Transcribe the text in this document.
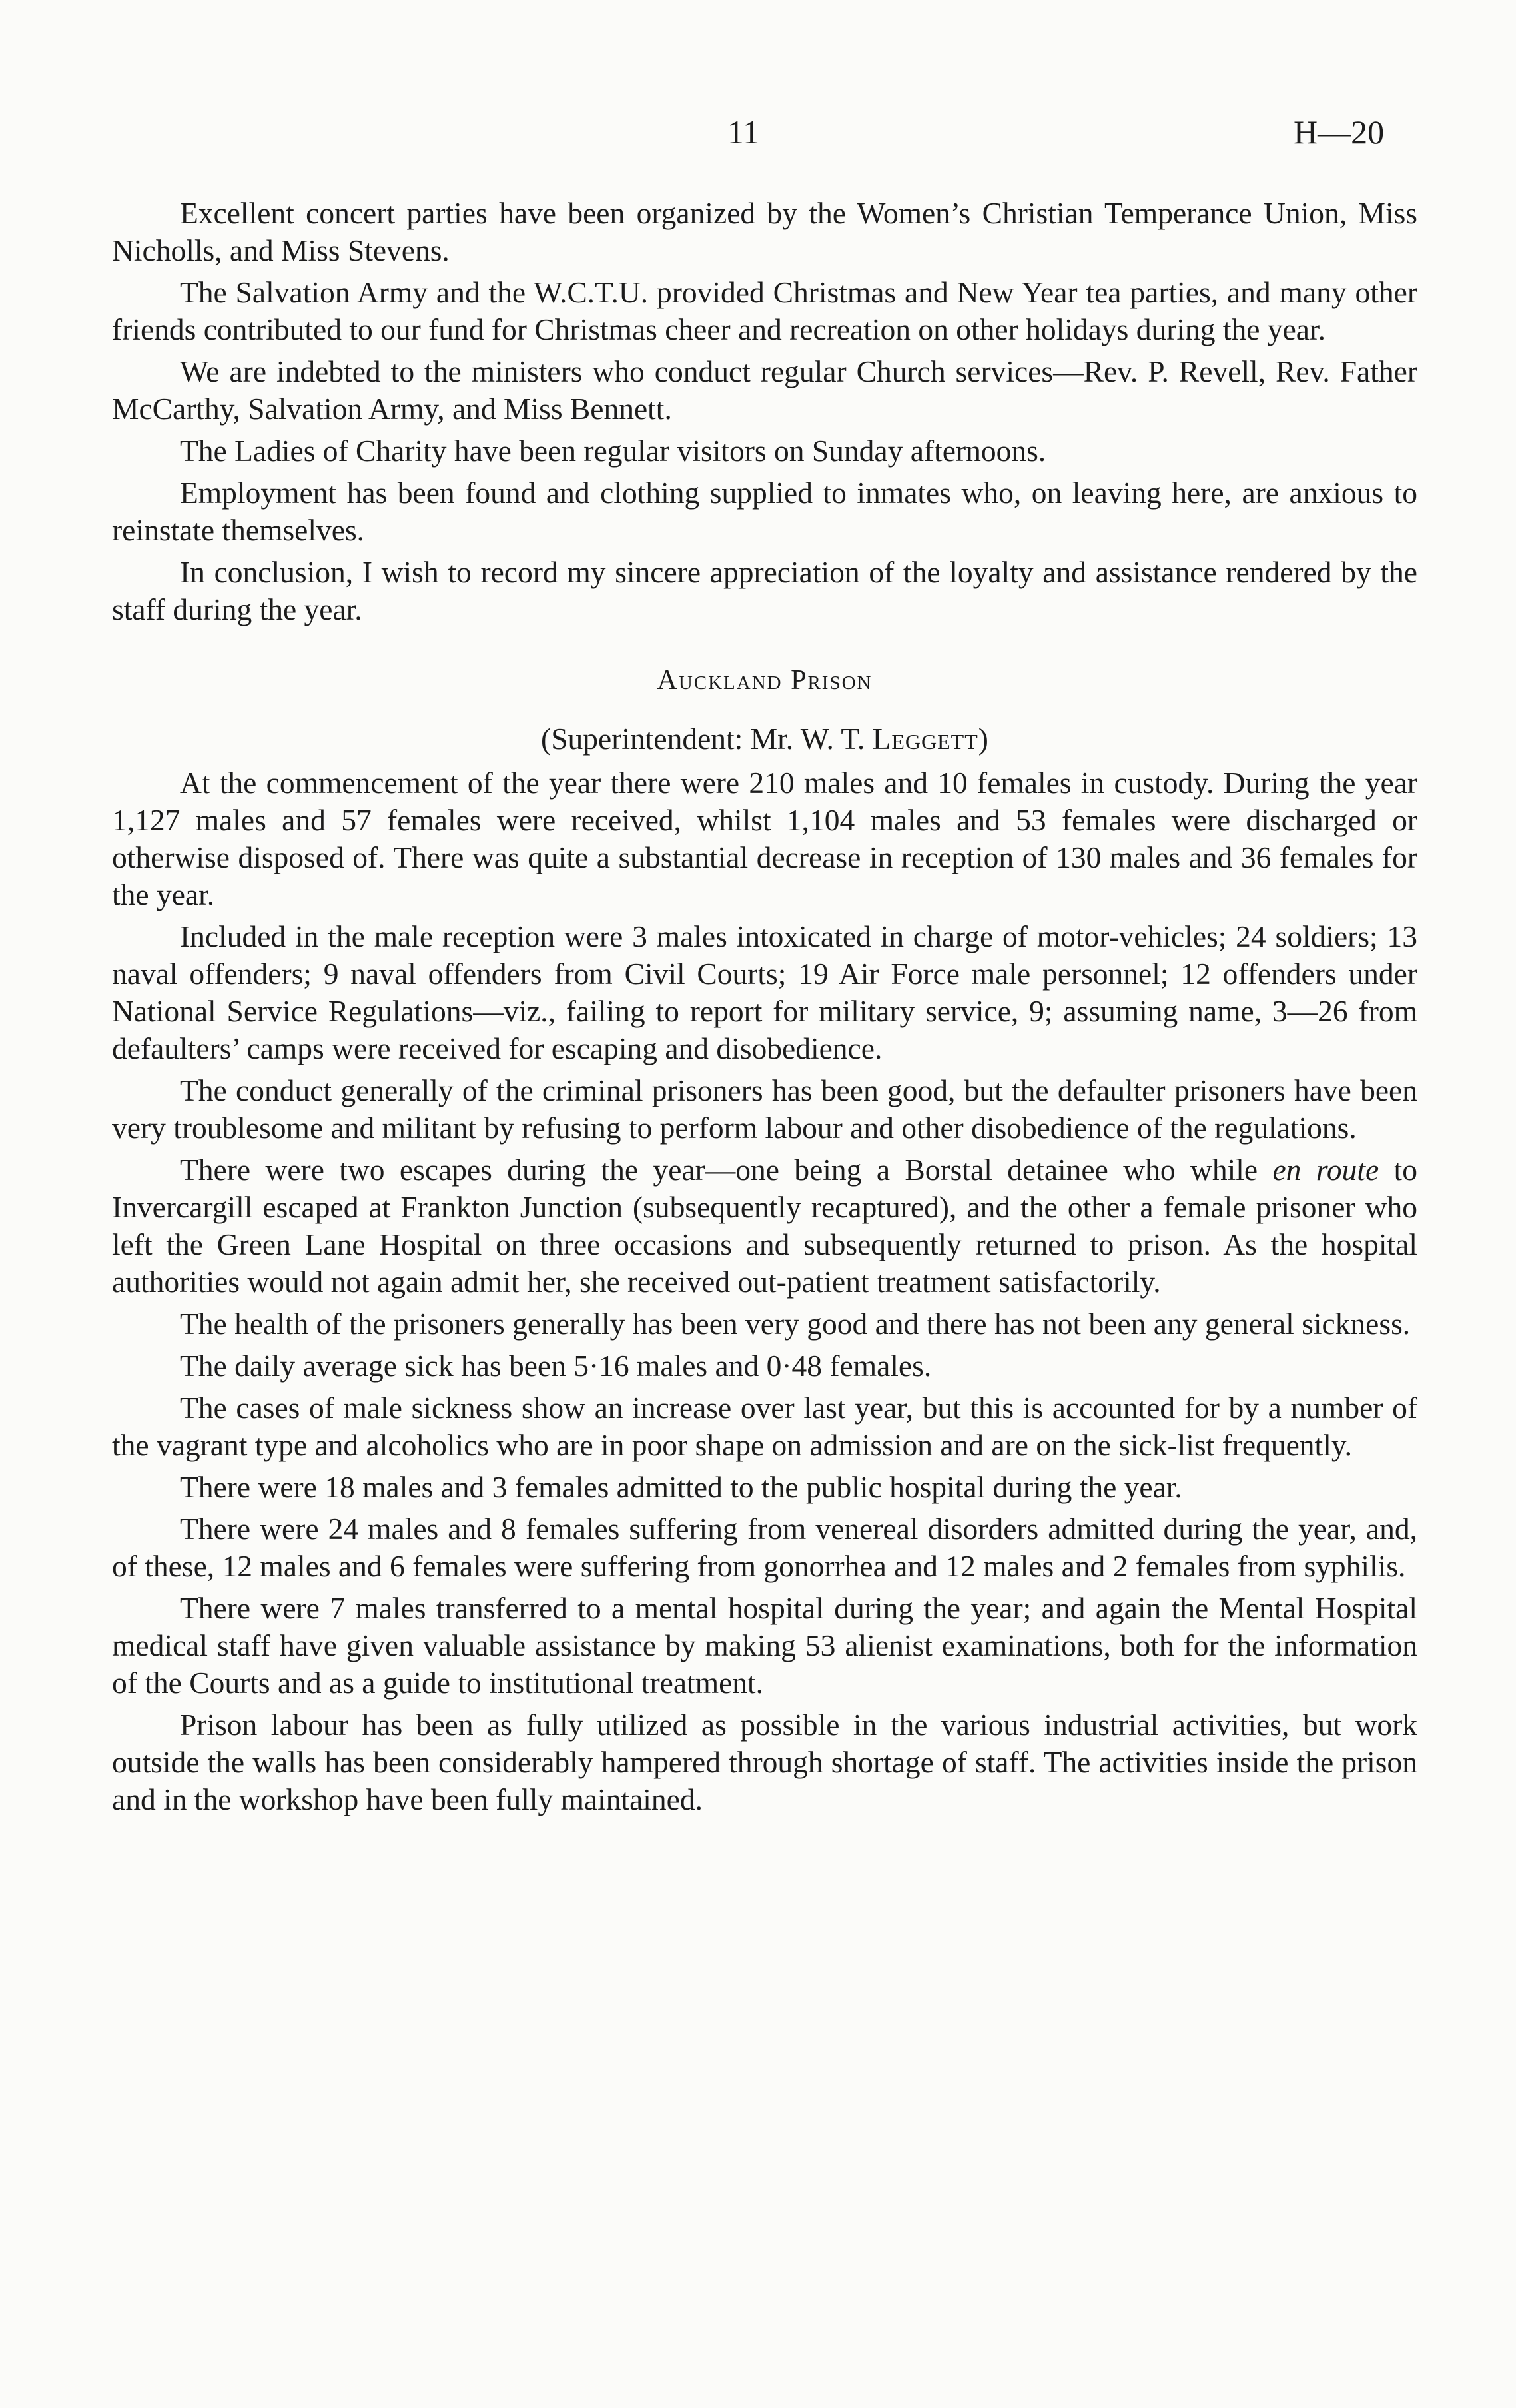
11	H—20

Excellent concert parties have been organized by the Women’s Christian Temperance Union, Miss Nicholls, and Miss Stevens.

The Salvation Army and the W.C.T.U. provided Christmas and New Year tea parties, and many other friends contributed to our fund for Christmas cheer and recreation on other holidays during the year.

We are indebted to the ministers who conduct regular Church services—Rev. P. Revell, Rev. Father McCarthy, Salvation Army, and Miss Bennett.

The Ladies of Charity have been regular visitors on Sunday afternoons.

Employment has been found and clothing supplied to inmates who, on leaving here, are anxious to reinstate themselves.

In conclusion, I wish to record my sincere appreciation of the loyalty and assistance rendered by the staff during the year.

Auckland Prison
(Superintendent: Mr. W. T. Leggett)

At the commencement of the year there were 210 males and 10 females in custody. During the year 1,127 males and 57 females were received, whilst 1,104 males and 53 females were discharged or otherwise disposed of. There was quite a substantial decrease in reception of 130 males and 36 females for the year.

Included in the male reception were 3 males intoxicated in charge of motor-vehicles; 24 soldiers; 13 naval offenders; 9 naval offenders from Civil Courts; 19 Air Force male personnel; 12 offenders under National Service Regulations—viz., failing to report for military service, 9; assuming name, 3—26 from defaulters’ camps were received for escaping and disobedience.

The conduct generally of the criminal prisoners has been good, but the defaulter prisoners have been very troublesome and militant by refusing to perform labour and other disobedience of the regulations.

There were two escapes during the year—one being a Borstal detainee who while en route to Invercargill escaped at Frankton Junction (subsequently recaptured), and the other a female prisoner who left the Green Lane Hospital on three occasions and subsequently returned to prison. As the hospital authorities would not again admit her, she received out-patient treatment satisfactorily.

The health of the prisoners generally has been very good and there has not been any general sickness.

The daily average sick has been 5·16 males and 0·48 females.

The cases of male sickness show an increase over last year, but this is accounted for by a number of the vagrant type and alcoholics who are in poor shape on admission and are on the sick-list frequently.

There were 18 males and 3 females admitted to the public hospital during the year.

There were 24 males and 8 females suffering from venereal disorders admitted during the year, and, of these, 12 males and 6 females were suffering from gonorrhea and 12 males and 2 females from syphilis.

There were 7 males transferred to a mental hospital during the year; and again the Mental Hospital medical staff have given valuable assistance by making 53 alienist examinations, both for the information of the Courts and as a guide to institutional treatment.

Prison labour has been as fully utilized as possible in the various industrial activities, but work outside the walls has been considerably hampered through shortage of staff. The activities inside the prison and in the workshop have been fully maintained.
